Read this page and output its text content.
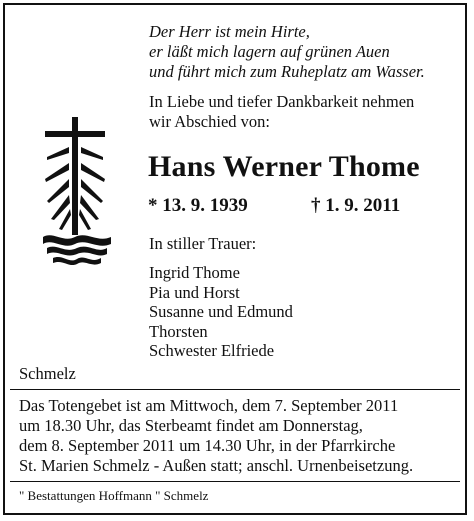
Der Herr ist mein Hirte,
er läßt mich lagern auf grünen Auen
und führt mich zum Ruheplatz am Wasser.
In Liebe und tiefer Dankbarkeit nehmen
wir Abschied von:
Hans Werner Thome
* 13. 9. 1939	† 1. 9. 2011
In stiller Trauer:
Ingrid Thome
Pia und Horst
Susanne und Edmund
Thorsten
Schwester Elfriede
Schmelz
Das Totengebet ist am Mittwoch, dem 7. September 2011
um 18.30 Uhr, das Sterbeamt findet am Donnerstag,
dem 8. September 2011 um 14.30 Uhr, in der Pfarrkirche
St. Marien Schmelz - Außen statt; anschl. Urnenbeisetzung.
" Bestattungen Hoffmann " Schmelz
